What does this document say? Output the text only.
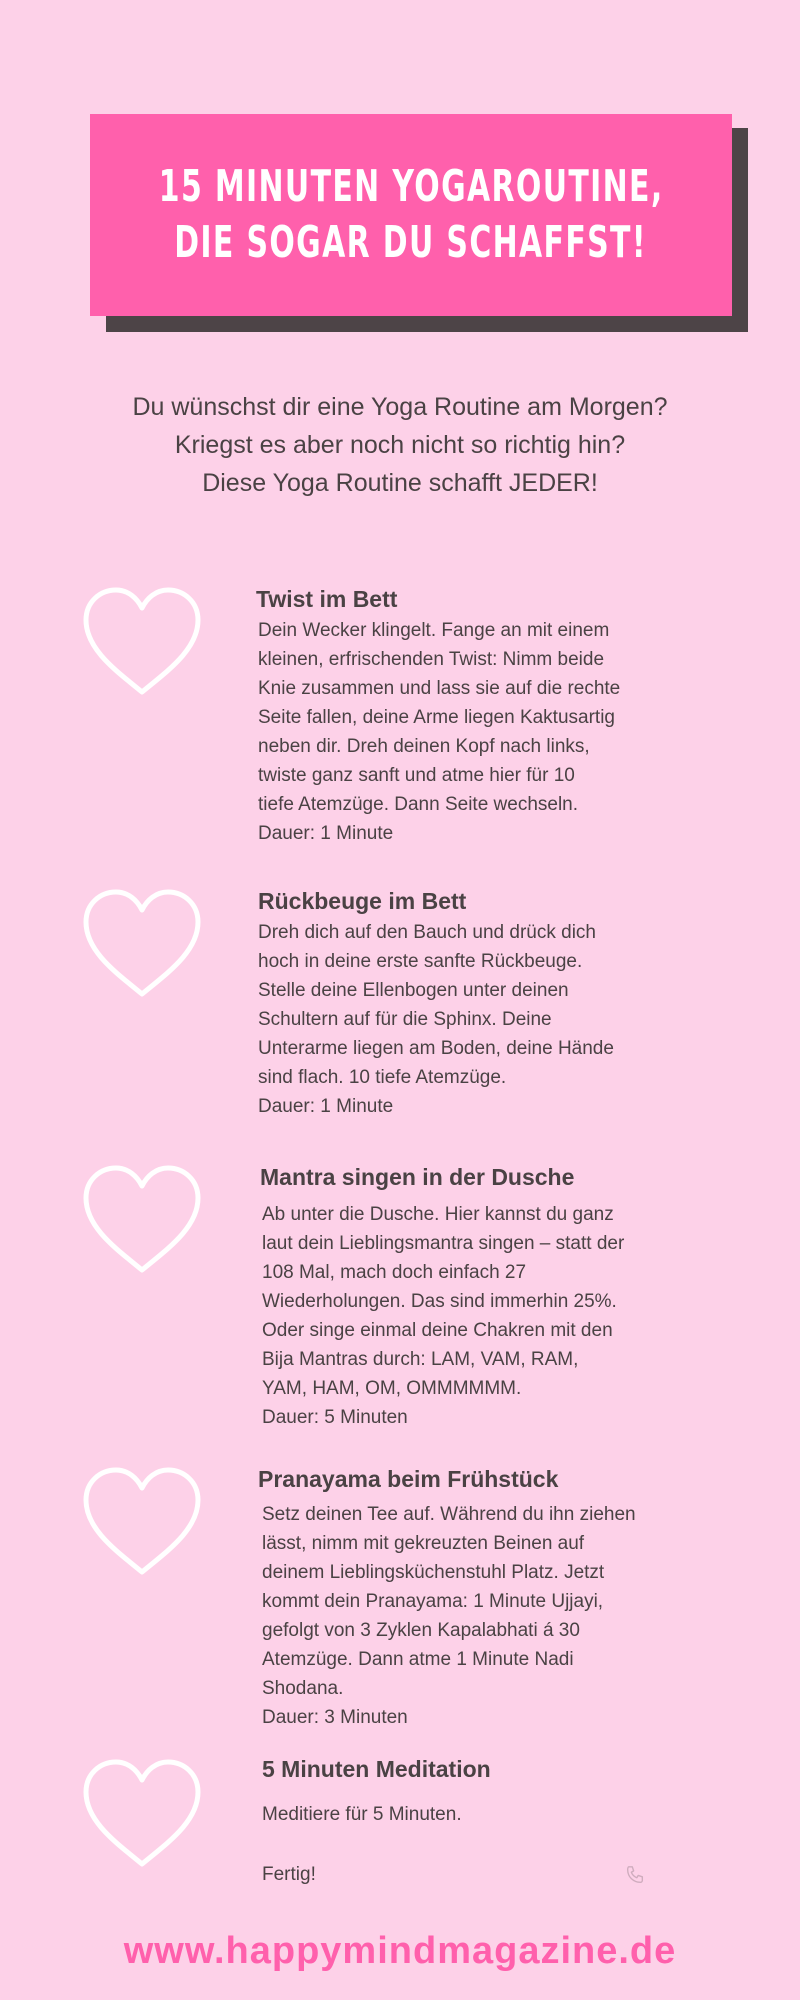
15 MINUTEN YOGAROUTINE,
DIE SOGAR DU SCHAFFST!
Du wünschst dir eine Yoga Routine am Morgen?
Kriegst es aber noch nicht so richtig hin?
Diese Yoga Routine schafft JEDER!
Twist im Bett
Dein Wecker klingelt. Fange an mit einem
kleinen, erfrischenden Twist: Nimm beide
Knie zusammen und lass sie auf die rechte
Seite fallen, deine Arme liegen Kaktusartig
neben dir. Dreh deinen Kopf nach links,
twiste ganz sanft und atme hier für 10
tiefe Atemzüge. Dann Seite wechseln.
Dauer: 1 Minute
Rückbeuge im Bett
Dreh dich auf den Bauch und drück dich
hoch in deine erste sanfte Rückbeuge.
Stelle deine Ellenbogen unter deinen
Schultern auf für die Sphinx. Deine
Unterarme liegen am Boden, deine Hände
sind flach. 10 tiefe Atemzüge.
Dauer: 1 Minute
Mantra singen in der Dusche
Ab unter die Dusche. Hier kannst du ganz
laut dein Lieblingsmantra singen – statt der
108 Mal, mach doch einfach 27
Wiederholungen. Das sind immerhin 25%.
Oder singe einmal deine Chakren mit den
Bija Mantras durch: LAM, VAM, RAM,
YAM, HAM, OM, OMMMMMM.
Dauer: 5 Minuten
Pranayama beim Frühstück
Setz deinen Tee auf. Während du ihn ziehen
lässt, nimm mit gekreuzten Beinen auf
deinem Lieblingsküchenstuhl Platz. Jetzt
kommt dein Pranayama: 1 Minute Ujjayi,
gefolgt von 3 Zyklen Kapalabhati á 30
Atemzüge. Dann atme 1 Minute Nadi
Shodana.
Dauer: 3 Minuten
5 Minuten Meditation
Meditiere für 5 Minuten.
Fertig!
www.happymindmagazine.de
